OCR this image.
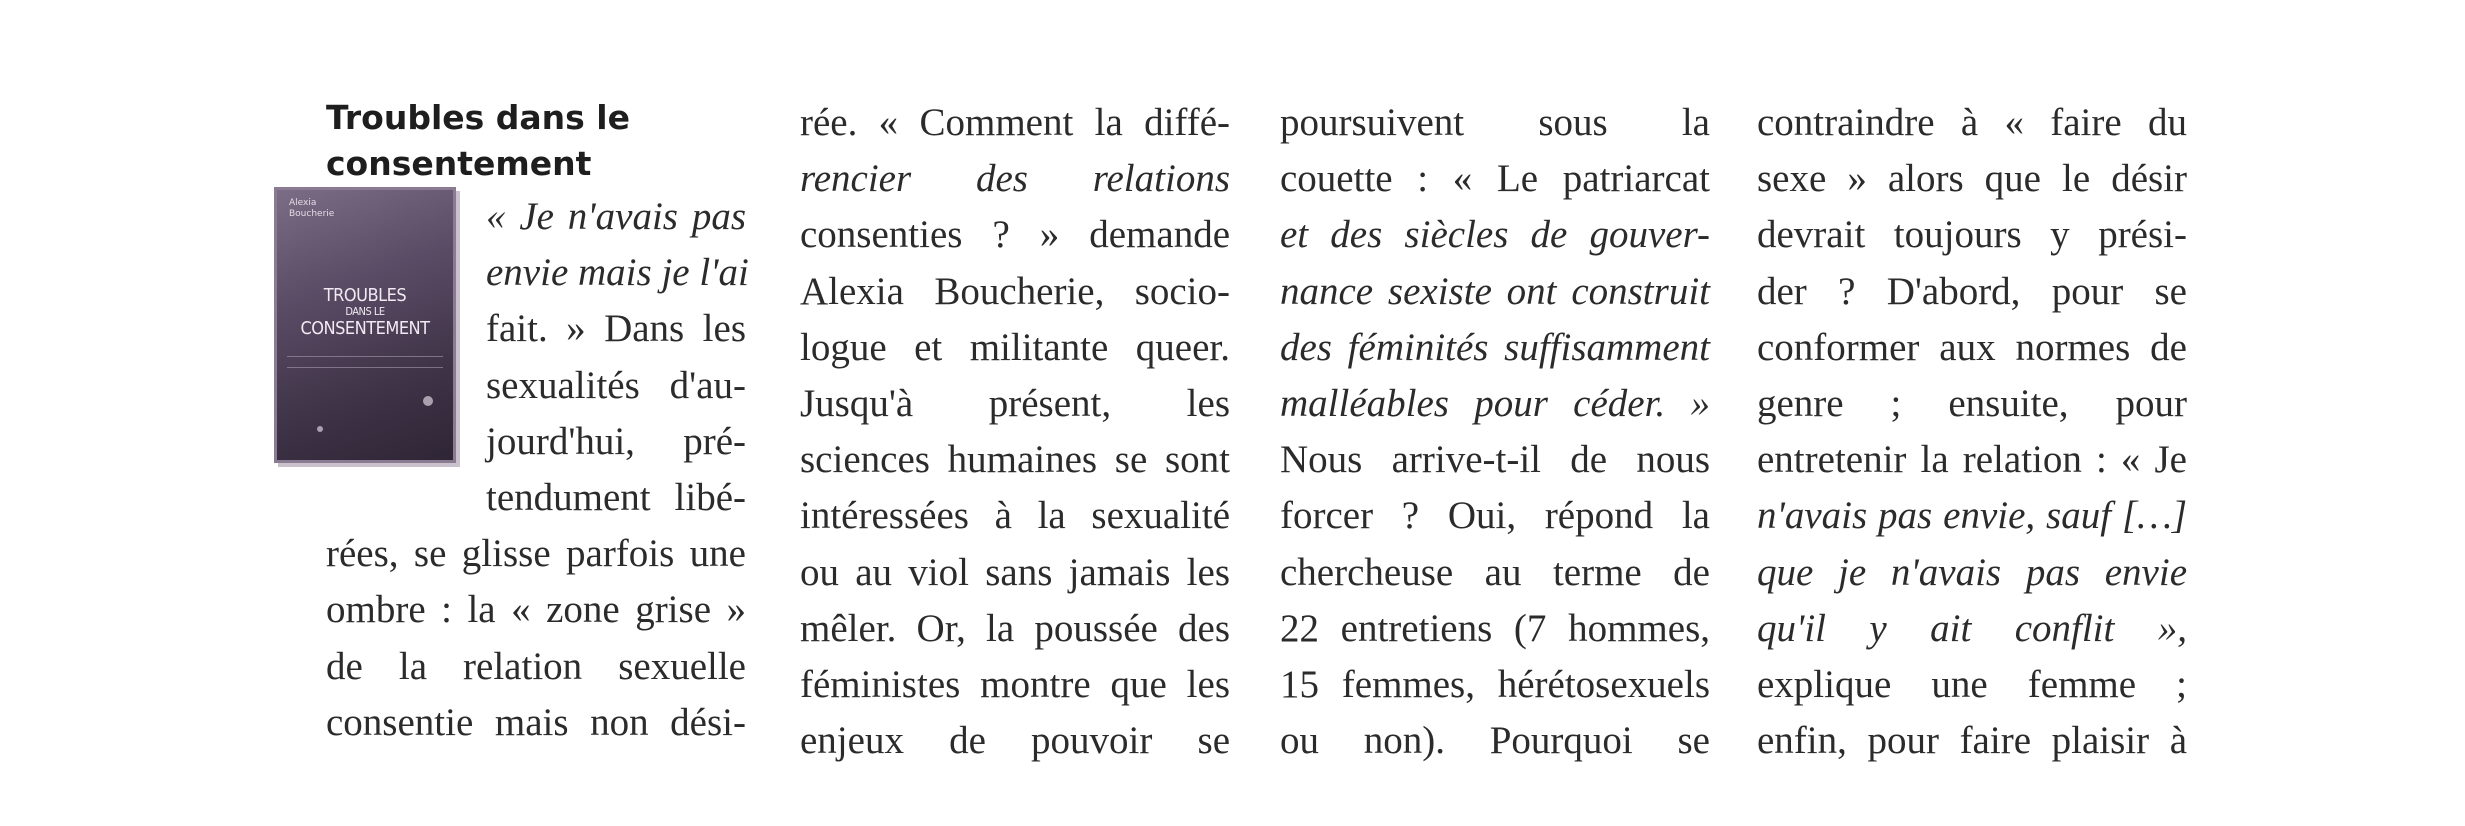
Troubles dans le
consentement
Alexia
Boucherie
TROUBLES
DANS LE
CONSENTEMENT
« Je n'avais pas
envie mais je l'ai
fait. » Dans les
sexualités d'au-
jourd'hui, pré-
tendument libé-
rées, se glisse parfois une
ombre : la « zone grise »
de la relation sexuelle
consentie mais non dési-
rée. « Comment la diffé-
rencier des relations
consenties ? » demande
Alexia Boucherie, socio-
logue et militante queer.
Jusqu'à présent, les
sciences humaines se sont
intéressées à la sexualité
ou au viol sans jamais les
mêler. Or, la poussée des
féministes montre que les
enjeux de pouvoir se
poursuivent sous la
couette : « Le patriarcat
et des siècles de gouver-
nance sexiste ont construit
des féminités suffisamment
malléables pour céder. »
Nous arrive-t-il de nous
forcer ? Oui, répond la
chercheuse au terme de
22 entretiens (7 hommes,
15 femmes, hérétosexuels
ou non). Pourquoi se
contraindre à « faire du
sexe » alors que le désir
devrait toujours y prési-
der ? D'abord, pour se
conformer aux normes de
genre ; ensuite, pour
entretenir la relation : « Je
n'avais pas envie, sauf […]
que je n'avais pas envie
qu'il y ait conflit »,
explique une femme ;
enfin, pour faire plaisir à
